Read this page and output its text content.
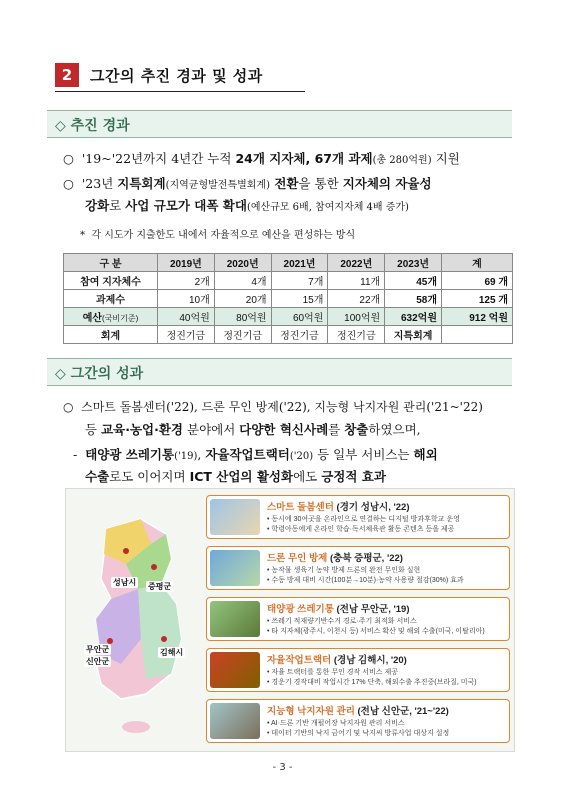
2	그간의 추진 경과 및 성과
◇ 추진 경과
○ '19~'22년까지 4년간 누적 24개 지자체, 67개 과제(총 280억원) 지원
○ '23년 지특회계(지역균형발전특별회계) 전환을 통한 지자체의 자율성
강화로 사업 규모가 대폭 확대(예산규모 6배, 참여지자체 4배 증가)
* 각 시도가 지출한도 내에서 자율적으로 예산을 편성하는 방식
구 분	2019년	2020년	2021년	2022년	2023년	계
참여 지자체수	2개	4개	7개	11개	45개	69 개
과제수	10개	20개	15개	22개	58개	125 개
예산(국비기준)	40억원	80억원	60억원	100억원	632억원	912 억원
회계	정진기금	정진기금	정진기금	정진기금	지특회계	
◇ 그간의 성과
○ 스마트 돌봄센터('22), 드론 무인 방제('22), 지능형 낙지자원 관리('21~'22)
등 교육·농업·환경 분야에서 다양한 혁신사례를 창출하였으며,
- 태양광 쓰레기통('19), 자율작업트랙터('20) 등 일부 서비스는 해외
수출로도 이어지며 ICT 산업의 활성화에도 긍정적 효과
성남시 증평군
무안군
신안군
김해시
스마트 돌봄센터 (경기 성남시, '22)
• 동시에 30여곳을 온라인으로 연결하는 디지털 방과후학교 운영
• 학령아동에게 온라인 학습·독서체육관 활동 콘텐츠 등을 제공
드론 무인 방제 (충북 증평군, '22)
• 농작물 생육기 농약 방제 드론의 완전 무인화 실현
• 수동 방제 대비 시간(100분→10분)·농약 사용량 절감(30%) 효과
태양광 쓰레기통 (전남 무안군, '19)
• 쓰레기 적재량기반수거 경로·주기 최적화 서비스
• 타 지자체(광주시, 이천시 등) 서비스 확산 및 해외 수출(미국, 이탈리아)
자율작업트랙터 (경남 김해시, '20)
• 자율 트랙터를 통한 무인 경작 서비스 제공
• 경운기 경작대비 작업시간 17% 단축, 해외수출 추진중(브라질, 미국)
지능형 낙지자원 관리 (전남 신안군, '21~'22)
• AI·드론 기반 개펄어장 낙지자원 관리 서비스
• 데이터 기반의 낙지 금어기 및 낙지씨 방류사업 대상지 설정
- 3 -
